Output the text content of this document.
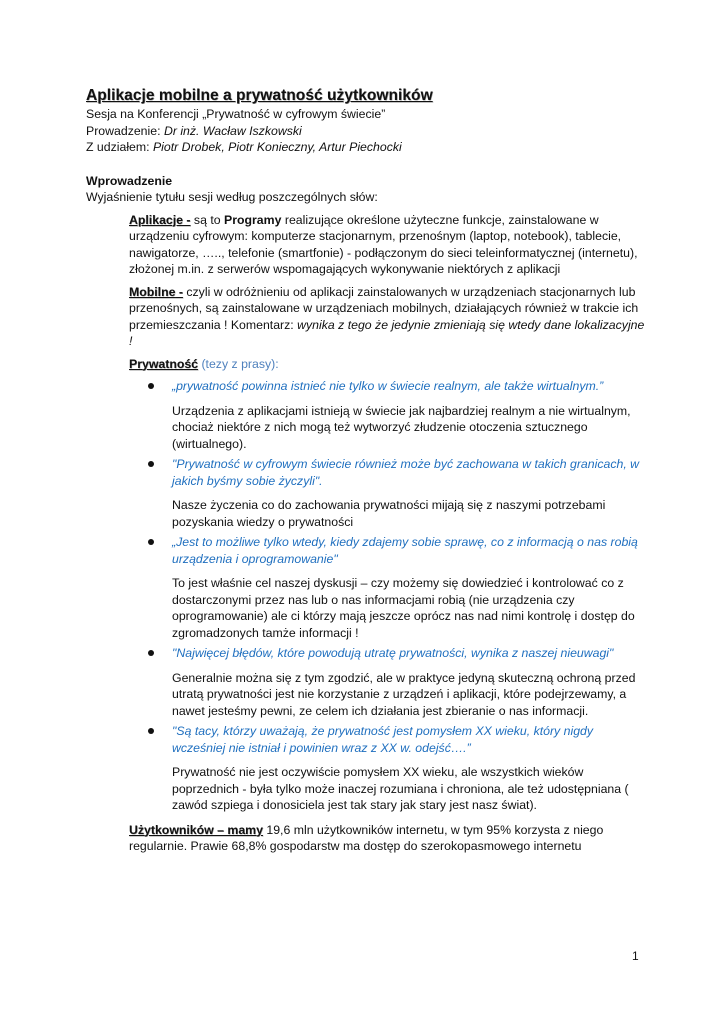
Aplikacje mobilne a prywatność użytkowników
Sesja na Konferencji „Prywatność w cyfrowym świecie”
Prowadzenie: Dr inż. Wacław Iszkowski
Z udziałem: Piotr Drobek, Piotr Konieczny, Artur Piechocki
Wprowadzenie
Wyjaśnienie tytułu sesji według poszczególnych słów:
Aplikacje - są to Programy realizujące określone użyteczne funkcje, zainstalowane w urządzeniu cyfrowym: komputerze stacjonarnym, przenośnym (laptop, notebook), tablecie, nawigatorze, ….., telefonie (smartfonie) - podłączonym do sieci teleinformatycznej (internetu), złożonej m.in. z serwerów wspomagających wykonywanie niektórych z aplikacji
Mobilne - czyli w odróżnieniu od aplikacji zainstalowanych w urządzeniach stacjonarnych lub przenośnych, są zainstalowane w urządzeniach mobilnych, działających również w trakcie ich przemieszczania ! Komentarz: wynika z tego że jedynie zmieniają się wtedy dane lokalizacyjne !
Prywatność (tezy z prasy):
„prywatność powinna istnieć nie tylko w świecie realnym, ale także wirtualnym.”
Urządzenia z aplikacjami istnieją w świecie jak najbardziej realnym a nie wirtualnym, chociaż niektóre z nich mogą też wytworzyć złudzenie otoczenia sztucznego (wirtualnego).
"Prywatność w cyfrowym świecie również może być zachowana w takich granicach, w jakich byśmy sobie życzyli".
Nasze życzenia co do zachowania prywatności mijają się z naszymi potrzebami pozyskania wiedzy o prywatności
„Jest to możliwe tylko wtedy, kiedy zdajemy sobie sprawę, co z informacją o nas robią urządzenia i oprogramowanie"
To jest właśnie cel naszej dyskusji – czy możemy się dowiedzieć i kontrolować co z dostarczonymi przez nas lub o nas informacjami robią (nie urządzenia czy oprogramowanie) ale ci którzy mają jeszcze oprócz nas nad nimi kontrolę i dostęp do zgromadzonych tamże informacji !
"Najwięcej błędów, które powodują utratę prywatności, wynika z naszej nieuwagi"
Generalnie można się z tym zgodzić, ale w praktyce jedyną skuteczną ochroną przed utratą prywatności jest nie korzystanie z urządzeń i aplikacji, które podejrzewamy, a nawet jesteśmy pewni, ze celem ich działania jest zbieranie o nas informacji.
"Są tacy, którzy uważają, że prywatność jest pomysłem XX wieku, który nigdy wcześniej nie istniał i powinien wraz z XX w. odejść….”
Prywatność nie jest oczywiście pomysłem XX wieku, ale wszystkich wieków poprzednich - była tylko może inaczej rozumiana i chroniona, ale też udostępniana ( zawód szpiega i donosiciela jest tak stary jak stary jest nasz świat).
Użytkowników – mamy 19,6 mln użytkowników internetu, w tym 95% korzysta z niego regularnie. Prawie 68,8% gospodarstw ma dostęp do szerokopasmowego internetu
1
